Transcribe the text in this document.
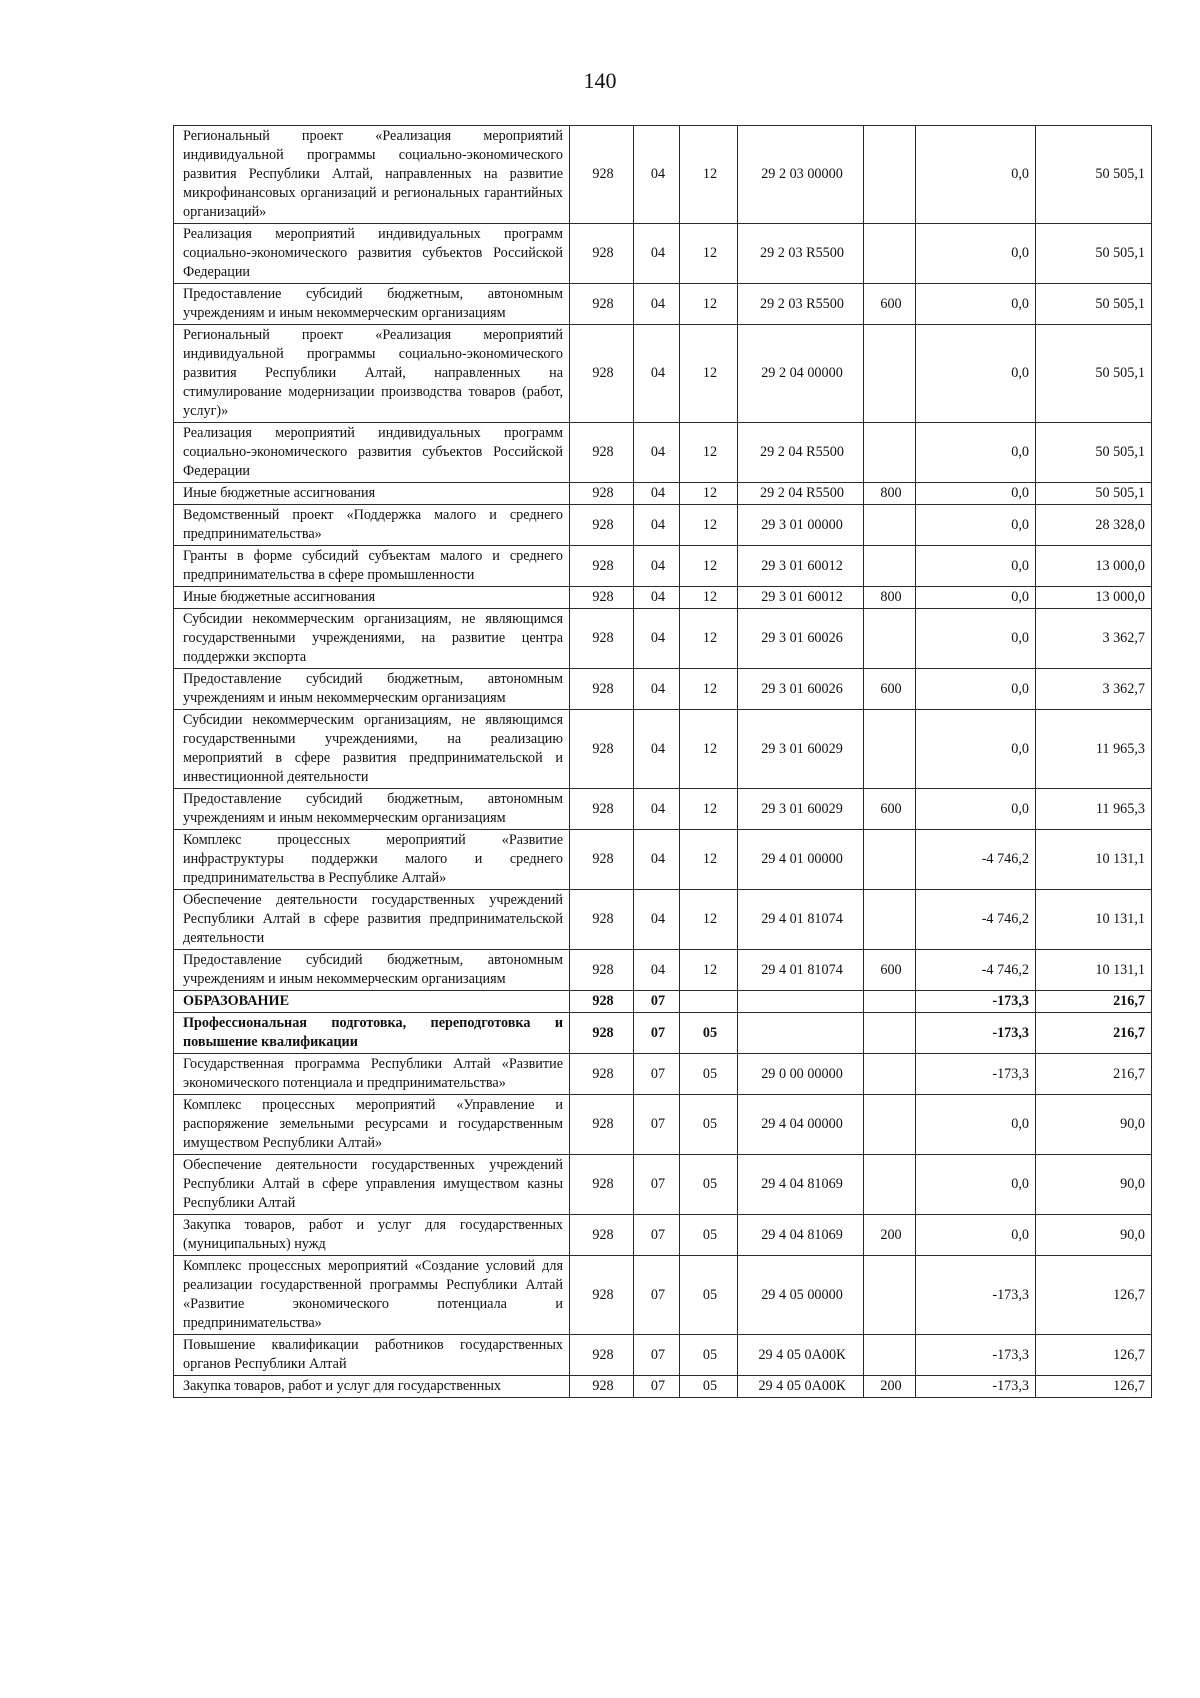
140
Региональный проект «Реализация мероприятий индивидуальной программы социально-экономического развития Республики Алтай, направленных на развитие микрофинансовых организаций и региональных гарантийных организаций»	928	04	12	29 2 03 00000		0,0	50 505,1
Реализация мероприятий индивидуальных программ социально-экономического развития субъектов Российской Федерации	928	04	12	29 2 03 R5500		0,0	50 505,1
Предоставление субсидий бюджетным, автономным учреждениям и иным некоммерческим организациям	928	04	12	29 2 03 R5500	600	0,0	50 505,1
Региональный проект «Реализация мероприятий индивидуальной программы социально-экономического развития Республики Алтай, направленных на стимулирование модернизации производства товаров (работ, услуг)»	928	04	12	29 2 04 00000		0,0	50 505,1
Реализация мероприятий индивидуальных программ социально-экономического развития субъектов Российской Федерации	928	04	12	29 2 04 R5500		0,0	50 505,1
Иные бюджетные ассигнования	928	04	12	29 2 04 R5500	800	0,0	50 505,1
Ведомственный проект «Поддержка малого и среднего предпринимательства»	928	04	12	29 3 01 00000		0,0	28 328,0
Гранты в форме субсидий субъектам малого и среднего предпринимательства в сфере промышленности	928	04	12	29 3 01 60012		0,0	13 000,0
Иные бюджетные ассигнования	928	04	12	29 3 01 60012	800	0,0	13 000,0
Субсидии некоммерческим организациям, не являющимся государственными учреждениями, на развитие центра поддержки экспорта	928	04	12	29 3 01 60026		0,0	3 362,7
Предоставление субсидий бюджетным, автономным учреждениям и иным некоммерческим организациям	928	04	12	29 3 01 60026	600	0,0	3 362,7
Субсидии некоммерческим организациям, не являющимся государственными учреждениями, на реализацию мероприятий в сфере развития предпринимательской и инвестиционной деятельности	928	04	12	29 3 01 60029		0,0	11 965,3
Предоставление субсидий бюджетным, автономным учреждениям и иным некоммерческим организациям	928	04	12	29 3 01 60029	600	0,0	11 965,3
Комплекс процессных мероприятий «Развитие инфраструктуры поддержки малого и среднего предпринимательства в Республике Алтай»	928	04	12	29 4 01 00000		-4 746,2	10 131,1
Обеспечение деятельности государственных учреждений Республики Алтай в сфере развития предпринимательской деятельности	928	04	12	29 4 01 81074		-4 746,2	10 131,1
Предоставление субсидий бюджетным, автономным учреждениям и иным некоммерческим организациям	928	04	12	29 4 01 81074	600	-4 746,2	10 131,1
ОБРАЗОВАНИЕ	928	07				-173,3	216,7
Профессиональная подготовка, переподготовка и повышение квалификации	928	07	05			-173,3	216,7
Государственная программа Республики Алтай «Развитие экономического потенциала и предпринимательства»	928	07	05	29 0 00 00000		-173,3	216,7
Комплекс процессных мероприятий «Управление и распоряжение земельными ресурсами и государственным имуществом Республики Алтай»	928	07	05	29 4 04 00000		0,0	90,0
Обеспечение деятельности государственных учреждений Республики Алтай в сфере управления имуществом казны Республики Алтай	928	07	05	29 4 04 81069		0,0	90,0
Закупка товаров, работ и услуг для государственных (муниципальных) нужд	928	07	05	29 4 04 81069	200	0,0	90,0
Комплекс процессных мероприятий «Создание условий для реализации государственной программы Республики Алтай «Развитие экономического потенциала и предпринимательства»	928	07	05	29 4 05 00000		-173,3	126,7
Повышение квалификации работников государственных органов Республики Алтай	928	07	05	29 4 05 0А00К		-173,3	126,7
Закупка товаров, работ и услуг для государственных	928	07	05	29 4 05 0А00К	200	-173,3	126,7
